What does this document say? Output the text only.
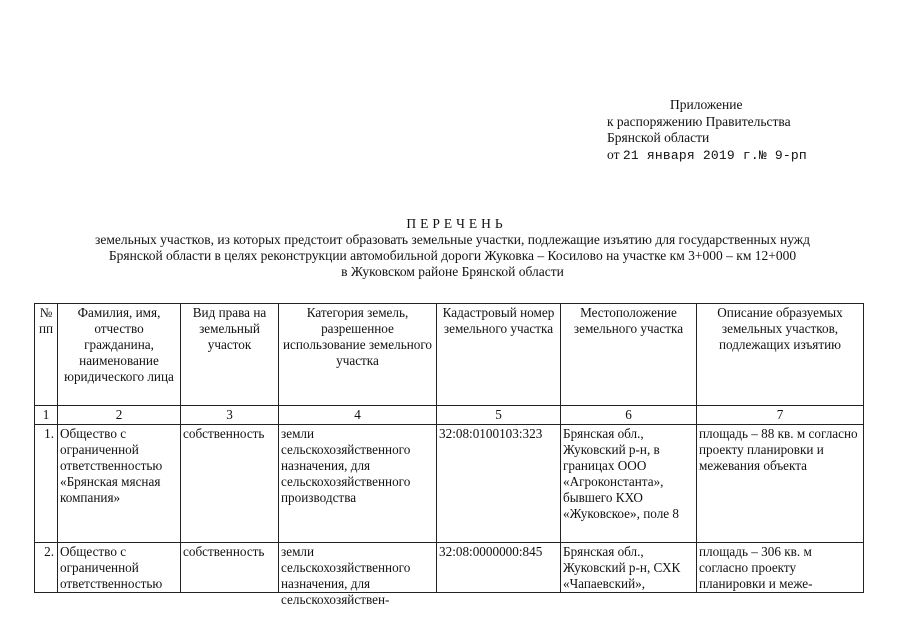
Приложение
к распоряжению Правительства
Брянской области
от 21 января 2019 г.№ 9-рп
ПЕРЕЧЕНЬ
земельных участков, из которых предстоит образовать земельные участки, подлежащие изъятию для государственных нужд
Брянской области в целях реконструкции автомобильной дороги Жуковка – Косилово на участке км 3+000 – км 12+000
в Жуковском районе Брянской области
№ пп	Фамилия, имя, отчество гражданина, наименование юридического лица	Вид права на земельный участок	Категория земель, разрешенное использование земельного участка	Кадастровый номер земельного участка	Местоположение земельного участка	Описание образуемых земельных участков, подлежащих изъятию
1	2	3	4	5	6	7
1.	Общество с ограниченной ответственностью «Брянская мясная компания»	собственность	земли сельскохозяйственного назначения, для сельскохозяйственного производства	32:08:0100103:323	Брянская обл., Жуковский р-н, в границах ООО «Агроконстанта», бывшего КХО «Жуковское», поле 8	площадь – 88 кв. м согласно проекту планировки и межевания объекта

2.	Общество с ограниченной ответственностью	собственность	земли сельскохозяйственного назначения, для сельскохозяйствен-	32:08:0000000:845	Брянская обл., Жуковский р-н, СХК «Чапаевский»,	площадь – 306 кв. м согласно проекту планировки и меже-
